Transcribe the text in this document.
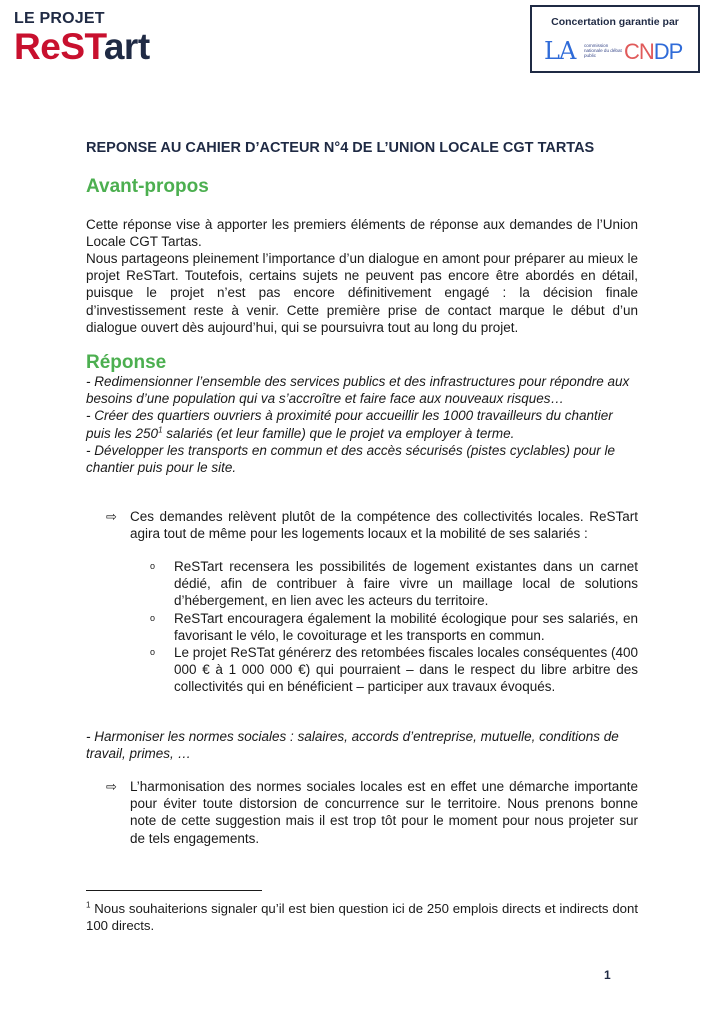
LE PROJET
ReSTart
Concertation garantie par
LA commission nationale du débat public	CNDP
REPONSE AU CAHIER D’ACTEUR N°4 DE L’UNION LOCALE CGT TARTAS
Avant-propos
Cette réponse vise à apporter les premiers éléments de réponse aux demandes de l’Union Locale CGT Tartas.
Nous partageons pleinement l’importance d’un dialogue en amont pour préparer au mieux le projet ReSTart. Toutefois, certains sujets ne peuvent pas encore être abordés en détail, puisque le projet n’est pas encore définitivement engagé : la décision finale d’investissement reste à venir. Cette première prise de contact marque le début d’un dialogue ouvert dès aujourd’hui, qui se poursuivra tout au long du projet.
Réponse
- Redimensionner l’ensemble des services publics et des infrastructures pour répondre aux besoins d’une population qui va s’accroître et faire face aux nouveaux risques…
- Créer des quartiers ouvriers à proximité pour accueillir les 1000 travailleurs du chantier puis les $250^1$ salariés (et leur famille) que le projet va employer à terme.
- Développer les transports en commun et des accès sécurisés (pistes cyclables) pour le chantier puis pour le site.
⇨ Ces demandes relèvent plutôt de la compétence des collectivités locales. ReSTart agira tout de même pour les logements locaux et la mobilité de ses salariés :
o ReSTart recensera les possibilités de logement existantes dans un carnet dédié, afin de contribuer à faire vivre un maillage local de solutions d’hébergement, en lien avec les acteurs du territoire.
o ReSTart encouragera également la mobilité écologique pour ses salariés, en favorisant le vélo, le covoiturage et les transports en commun.
o Le projet ReSTat générerz des retombées fiscales locales conséquentes (400 000 € à 1 000 000 €) qui pourraient – dans le respect du libre arbitre des collectivités qui en bénéficient – participer aux travaux évoqués.
- Harmoniser les normes sociales : salaires, accords d’entreprise, mutuelle, conditions de travail, primes, …
⇨ L’harmonisation des normes sociales locales est en effet une démarche importante pour éviter toute distorsion de concurrence sur le territoire. Nous prenons bonne note de cette suggestion mais il est trop tôt pour le moment pour nous projeter sur de tels engagements.
$^1$ Nous souhaiterions signaler qu’il est bien question ici de 250 emplois directs et indirects dont 100 directs.
1
